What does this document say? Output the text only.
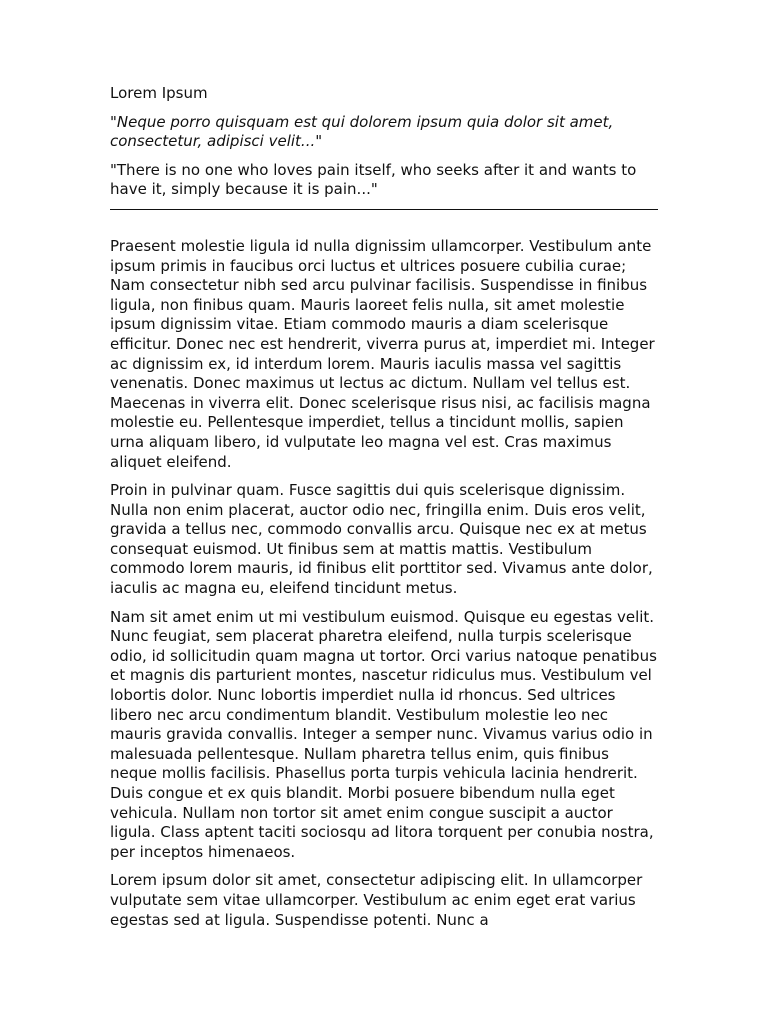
Lorem Ipsum
"Neque porro quisquam est qui dolorem ipsum quia dolor sit amet, consectetur, adipisci velit..."
"There is no one who loves pain itself, who seeks after it and wants to have it, simply because it is pain..."

Praesent molestie ligula id nulla dignissim ullamcorper. Vestibulum ante ipsum primis in faucibus orci luctus et ultrices posuere cubilia curae; Nam consectetur nibh sed arcu pulvinar facilisis. Suspendisse in finibus ligula, non finibus quam. Mauris laoreet felis nulla, sit amet molestie ipsum dignissim vitae. Etiam commodo mauris a diam scelerisque efficitur. Donec nec est hendrerit, viverra purus at, imperdiet mi. Integer ac dignissim ex, id interdum lorem. Mauris iaculis massa vel sagittis venenatis. Donec maximus ut lectus ac dictum. Nullam vel tellus est. Maecenas in viverra elit. Donec scelerisque risus nisi, ac facilisis magna molestie eu. Pellentesque imperdiet, tellus a tincidunt mollis, sapien urna aliquam libero, id vulputate leo magna vel est. Cras maximus aliquet eleifend.

Proin in pulvinar quam. Fusce sagittis dui quis scelerisque dignissim. Nulla non enim placerat, auctor odio nec, fringilla enim. Duis eros velit, gravida a tellus nec, commodo convallis arcu. Quisque nec ex at metus consequat euismod. Ut finibus sem at mattis mattis. Vestibulum commodo lorem mauris, id finibus elit porttitor sed. Vivamus ante dolor, iaculis ac magna eu, eleifend tincidunt metus.

Nam sit amet enim ut mi vestibulum euismod. Quisque eu egestas velit. Nunc feugiat, sem placerat pharetra eleifend, nulla turpis scelerisque odio, id sollicitudin quam magna ut tortor. Orci varius natoque penatibus et magnis dis parturient montes, nascetur ridiculus mus. Vestibulum vel lobortis dolor. Nunc lobortis imperdiet nulla id rhoncus. Sed ultrices libero nec arcu condimentum blandit. Vestibulum molestie leo nec mauris gravida convallis. Integer a semper nunc. Vivamus varius odio in malesuada pellentesque. Nullam pharetra tellus enim, quis finibus neque mollis facilisis. Phasellus porta turpis vehicula lacinia hendrerit. Duis congue et ex quis blandit. Morbi posuere bibendum nulla eget vehicula. Nullam non tortor sit amet enim congue suscipit a auctor ligula. Class aptent taciti sociosqu ad litora torquent per conubia nostra, per inceptos himenaeos.

Lorem ipsum dolor sit amet, consectetur adipiscing elit. In ullamcorper vulputate sem vitae ullamcorper. Vestibulum ac enim eget erat varius egestas sed at ligula. Suspendisse potenti. Nunc a
